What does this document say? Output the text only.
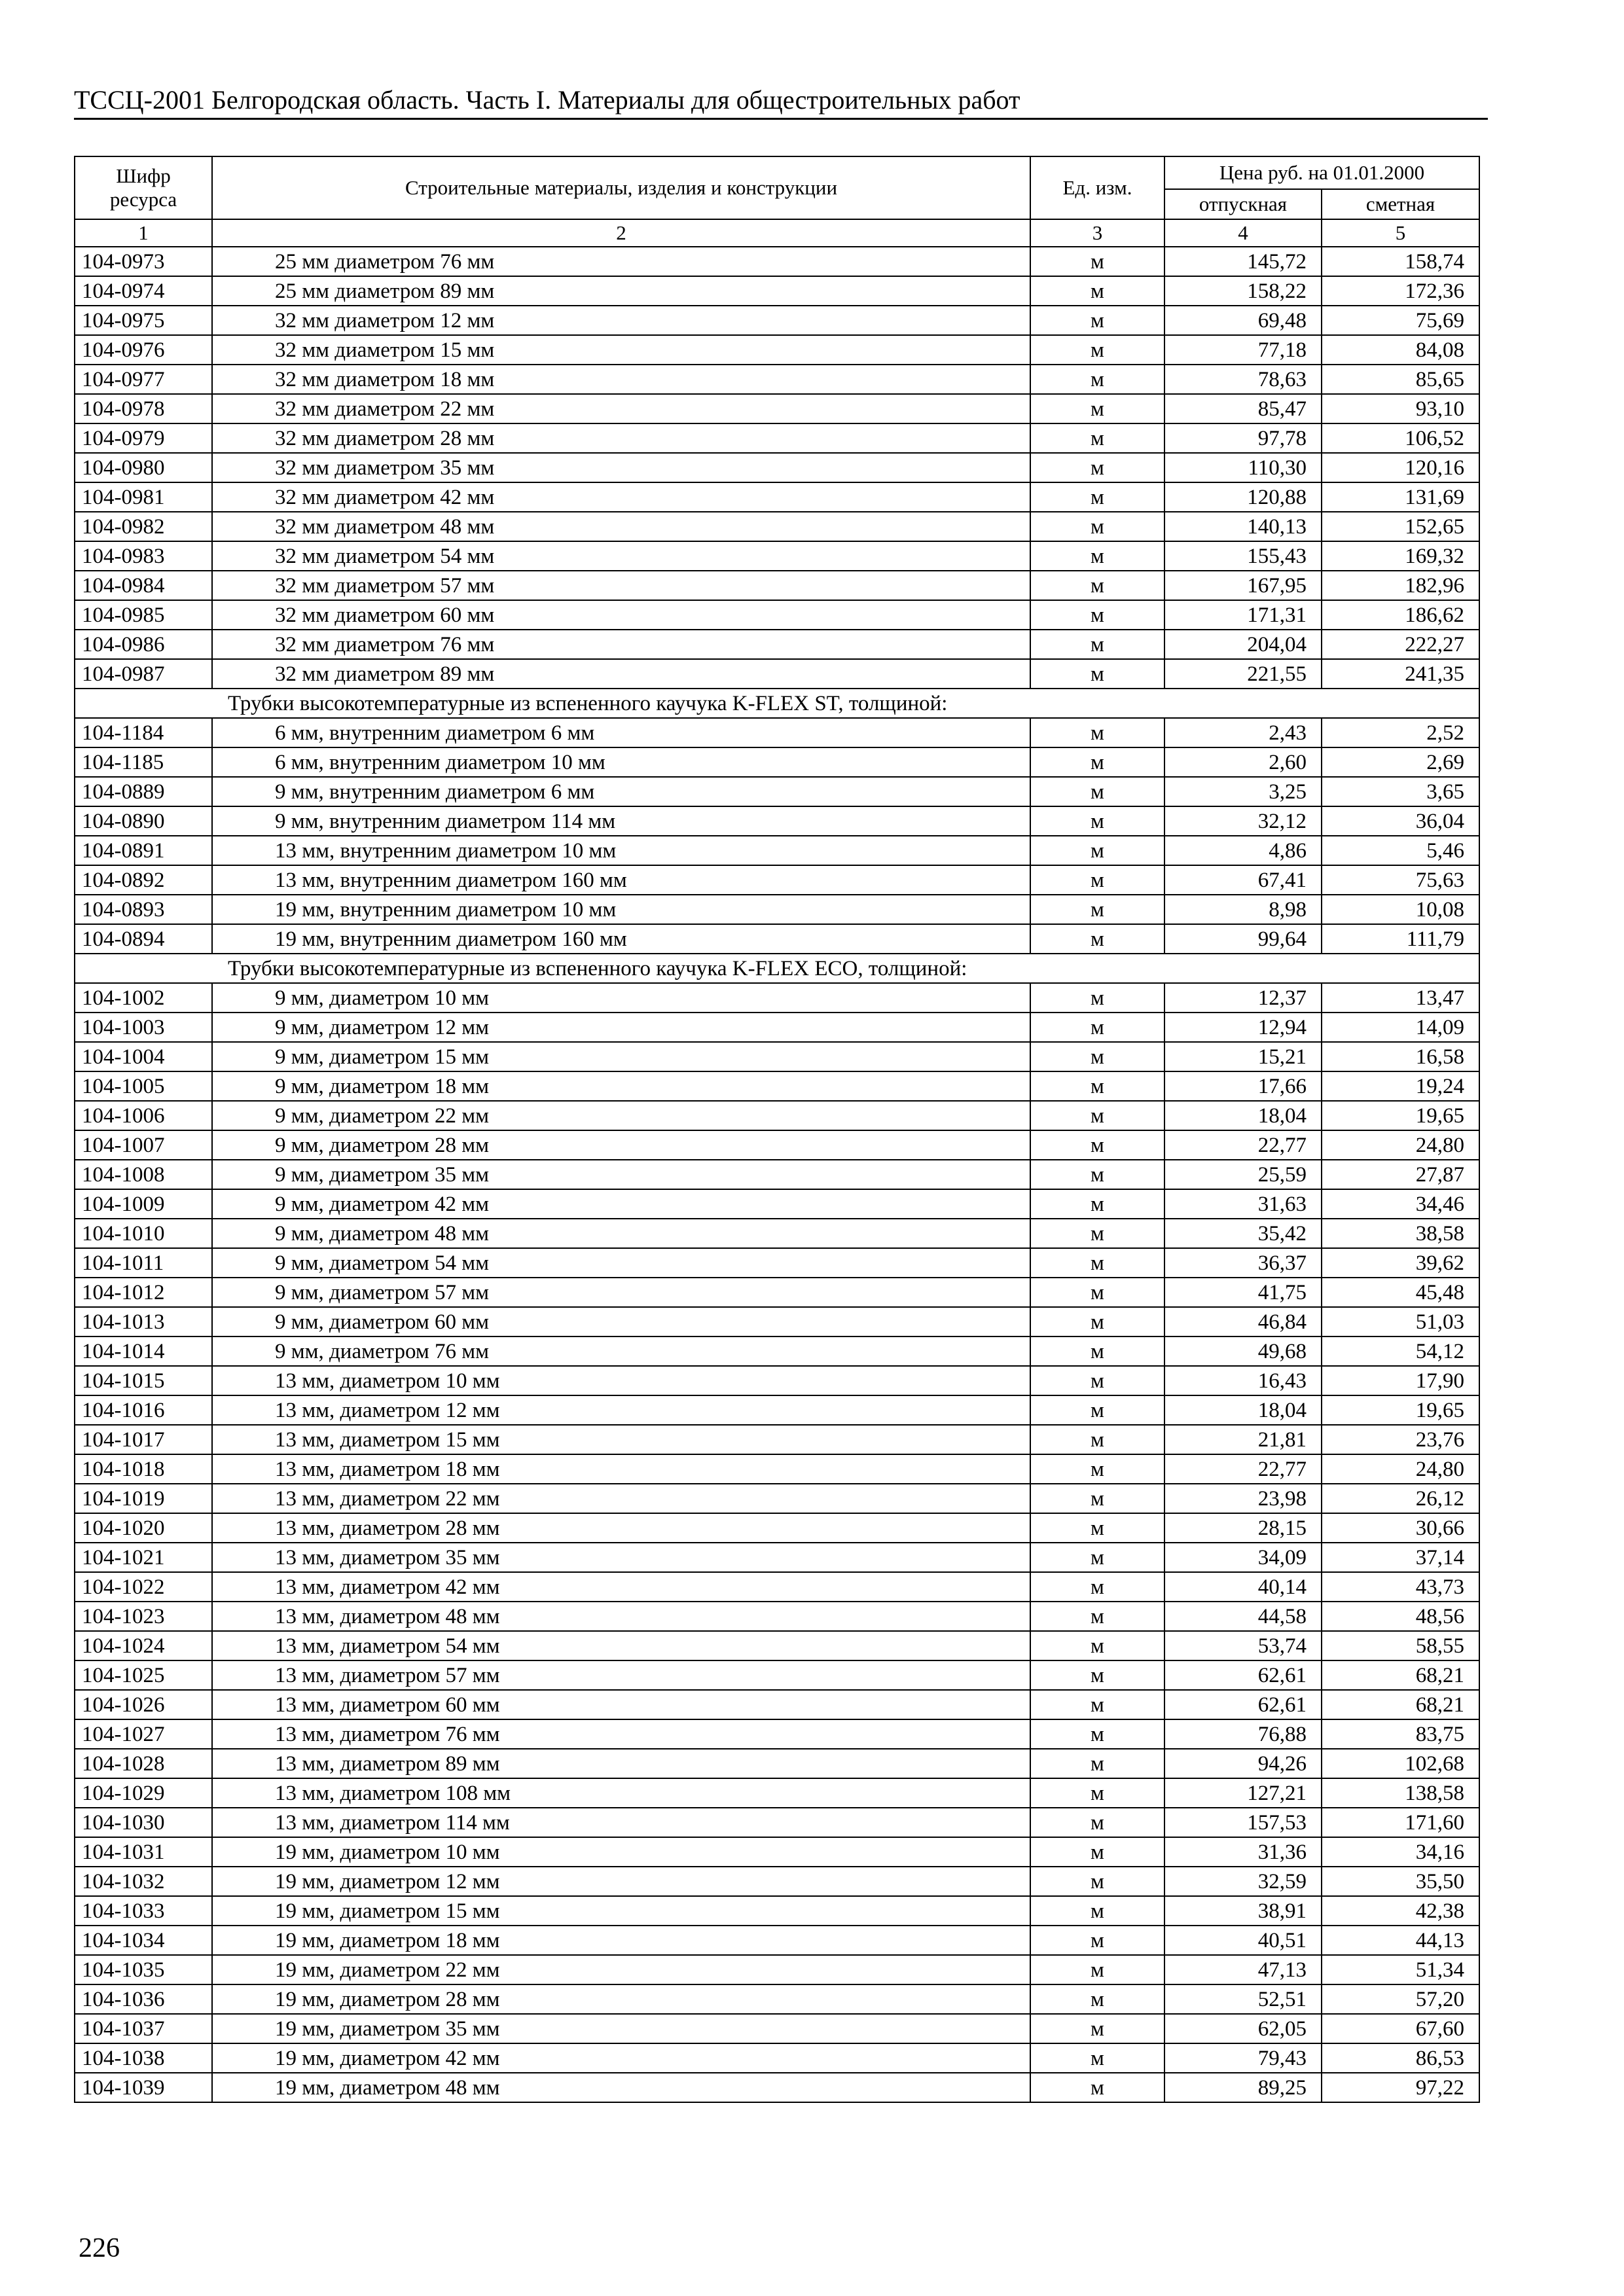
ТССЦ-2001 Белгородская область. Часть I. Материалы для общестроительных работ
Шифр ресурса	Строительные материалы, изделия и конструкции	Ед. изм.	Цена руб. на 01.01.2000	
			отпускная	сметная
1	2	3	4	5
104-0973	25 мм диаметром 76 мм	м	145,72	158,74
104-0974	25 мм диаметром 89 мм	м	158,22	172,36
104-0975	32 мм диаметром 12 мм	м	69,48	75,69
104-0976	32 мм диаметром 15 мм	м	77,18	84,08
104-0977	32 мм диаметром 18 мм	м	78,63	85,65
104-0978	32 мм диаметром 22 мм	м	85,47	93,10
104-0979	32 мм диаметром 28 мм	м	97,78	106,52
104-0980	32 мм диаметром 35 мм	м	110,30	120,16
104-0981	32 мм диаметром 42 мм	м	120,88	131,69
104-0982	32 мм диаметром 48 мм	м	140,13	152,65
104-0983	32 мм диаметром 54 мм	м	155,43	169,32
104-0984	32 мм диаметром 57 мм	м	167,95	182,96
104-0985	32 мм диаметром 60 мм	м	171,31	186,62
104-0986	32 мм диаметром 76 мм	м	204,04	222,27
104-0987	32 мм диаметром 89 мм	м	221,55	241,35
Трубки высокотемпературные из вспененного каучука K-FLEX ST, толщиной:				
104-1184	6 мм, внутренним диаметром 6 мм	м	2,43	2,52
104-1185	6 мм, внутренним диаметром 10 мм	м	2,60	2,69
104-0889	9 мм, внутренним диаметром 6 мм	м	3,25	3,65
104-0890	9 мм, внутренним диаметром 114 мм	м	32,12	36,04
104-0891	13 мм, внутренним диаметром 10 мм	м	4,86	5,46
104-0892	13 мм, внутренним диаметром 160 мм	м	67,41	75,63
104-0893	19 мм, внутренним диаметром 10 мм	м	8,98	10,08
104-0894	19 мм, внутренним диаметром 160 мм	м	99,64	111,79
Трубки высокотемпературные из вспененного каучука K-FLEX ECO, толщиной:				
104-1002	9 мм, диаметром 10 мм	м	12,37	13,47
104-1003	9 мм, диаметром 12 мм	м	12,94	14,09
104-1004	9 мм, диаметром 15 мм	м	15,21	16,58
104-1005	9 мм, диаметром 18 мм	м	17,66	19,24
104-1006	9 мм, диаметром 22 мм	м	18,04	19,65
104-1007	9 мм, диаметром 28 мм	м	22,77	24,80
104-1008	9 мм, диаметром 35 мм	м	25,59	27,87
104-1009	9 мм, диаметром 42 мм	м	31,63	34,46
104-1010	9 мм, диаметром 48 мм	м	35,42	38,58
104-1011	9 мм, диаметром 54 мм	м	36,37	39,62
104-1012	9 мм, диаметром 57 мм	м	41,75	45,48
104-1013	9 мм, диаметром 60 мм	м	46,84	51,03
104-1014	9 мм, диаметром 76 мм	м	49,68	54,12
104-1015	13 мм, диаметром 10 мм	м	16,43	17,90
104-1016	13 мм, диаметром 12 мм	м	18,04	19,65
104-1017	13 мм, диаметром 15 мм	м	21,81	23,76
104-1018	13 мм, диаметром 18 мм	м	22,77	24,80
104-1019	13 мм, диаметром 22 мм	м	23,98	26,12
104-1020	13 мм, диаметром 28 мм	м	28,15	30,66
104-1021	13 мм, диаметром 35 мм	м	34,09	37,14
104-1022	13 мм, диаметром 42 мм	м	40,14	43,73
104-1023	13 мм, диаметром 48 мм	м	44,58	48,56
104-1024	13 мм, диаметром 54 мм	м	53,74	58,55
104-1025	13 мм, диаметром 57 мм	м	62,61	68,21
104-1026	13 мм, диаметром 60 мм	м	62,61	68,21
104-1027	13 мм, диаметром 76 мм	м	76,88	83,75
104-1028	13 мм, диаметром 89 мм	м	94,26	102,68
104-1029	13 мм, диаметром 108 мм	м	127,21	138,58
104-1030	13 мм, диаметром 114 мм	м	157,53	171,60
104-1031	19 мм, диаметром 10 мм	м	31,36	34,16
104-1032	19 мм, диаметром 12 мм	м	32,59	35,50
104-1033	19 мм, диаметром 15 мм	м	38,91	42,38
104-1034	19 мм, диаметром 18 мм	м	40,51	44,13
104-1035	19 мм, диаметром 22 мм	м	47,13	51,34
104-1036	19 мм, диаметром 28 мм	м	52,51	57,20
104-1037	19 мм, диаметром 35 мм	м	62,05	67,60
104-1038	19 мм, диаметром 42 мм	м	79,43	86,53
104-1039	19 мм, диаметром 48 мм	м	89,25	97,22
226
